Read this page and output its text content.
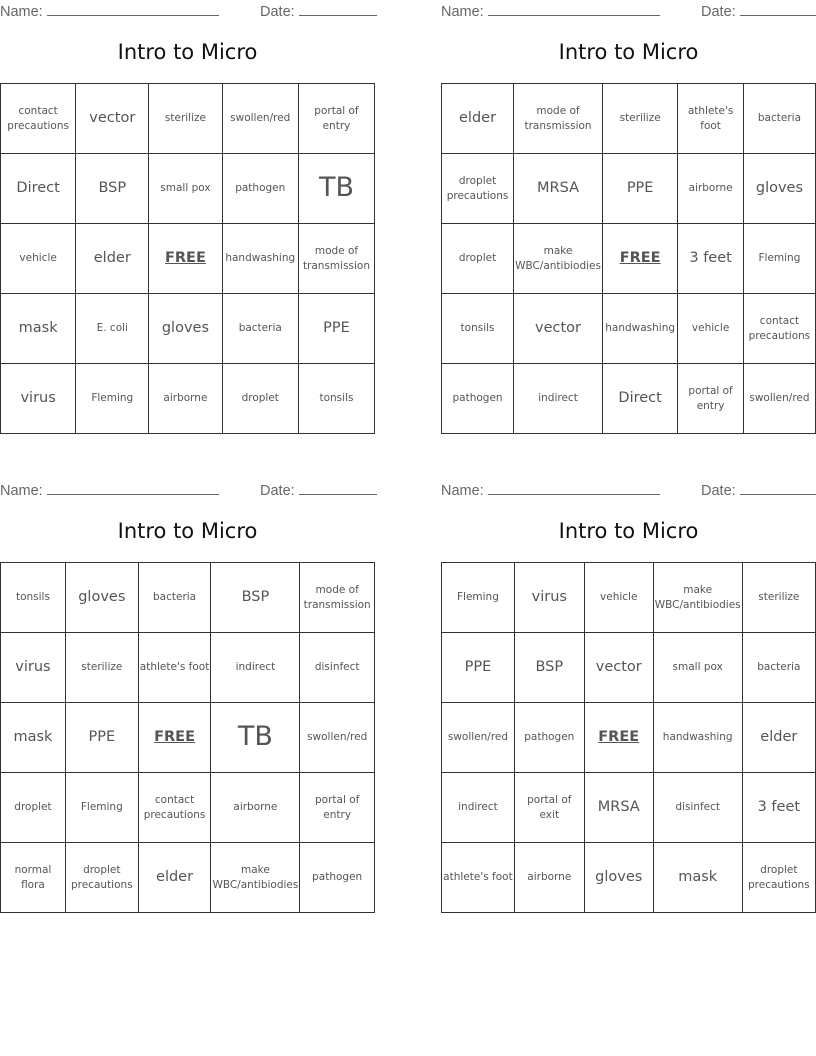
Name:	Date:
Intro to Micro
contact precautions	vector	sterilize	swollen/red	portal of entry
Direct	BSP	small pox	pathogen	TB
vehicle	elder	FREE	handwashing	mode of transmission
mask	E. coli	gloves	bacteria	PPE
virus	Fleming	airborne	droplet	tonsils
Name:	Date:
Intro to Micro
elder	mode of transmission	sterilize	athlete's foot	bacteria
droplet precautions	MRSA	PPE	airborne	gloves
droplet	make WBC/antibiodies	FREE	3 feet	Fleming
tonsils	vector	handwashing	vehicle	contact precautions
pathogen	indirect	Direct	portal of entry	swollen/red
Name:	Date:
Intro to Micro
tonsils	gloves	bacteria	BSP	mode of transmission
virus	sterilize	athlete's foot	indirect	disinfect
mask	PPE	FREE	TB	swollen/red
droplet	Fleming	contact precautions	airborne	portal of entry
normal flora	droplet precautions	elder	make WBC/antibiodies	pathogen
Name:	Date:
Intro to Micro
Fleming	virus	vehicle	make WBC/antibiodies	sterilize
PPE	BSP	vector	small pox	bacteria
swollen/red	pathogen	FREE	handwashing	elder
indirect	portal of exit	MRSA	disinfect	3 feet
athlete's foot	airborne	gloves	mask	droplet precautions
